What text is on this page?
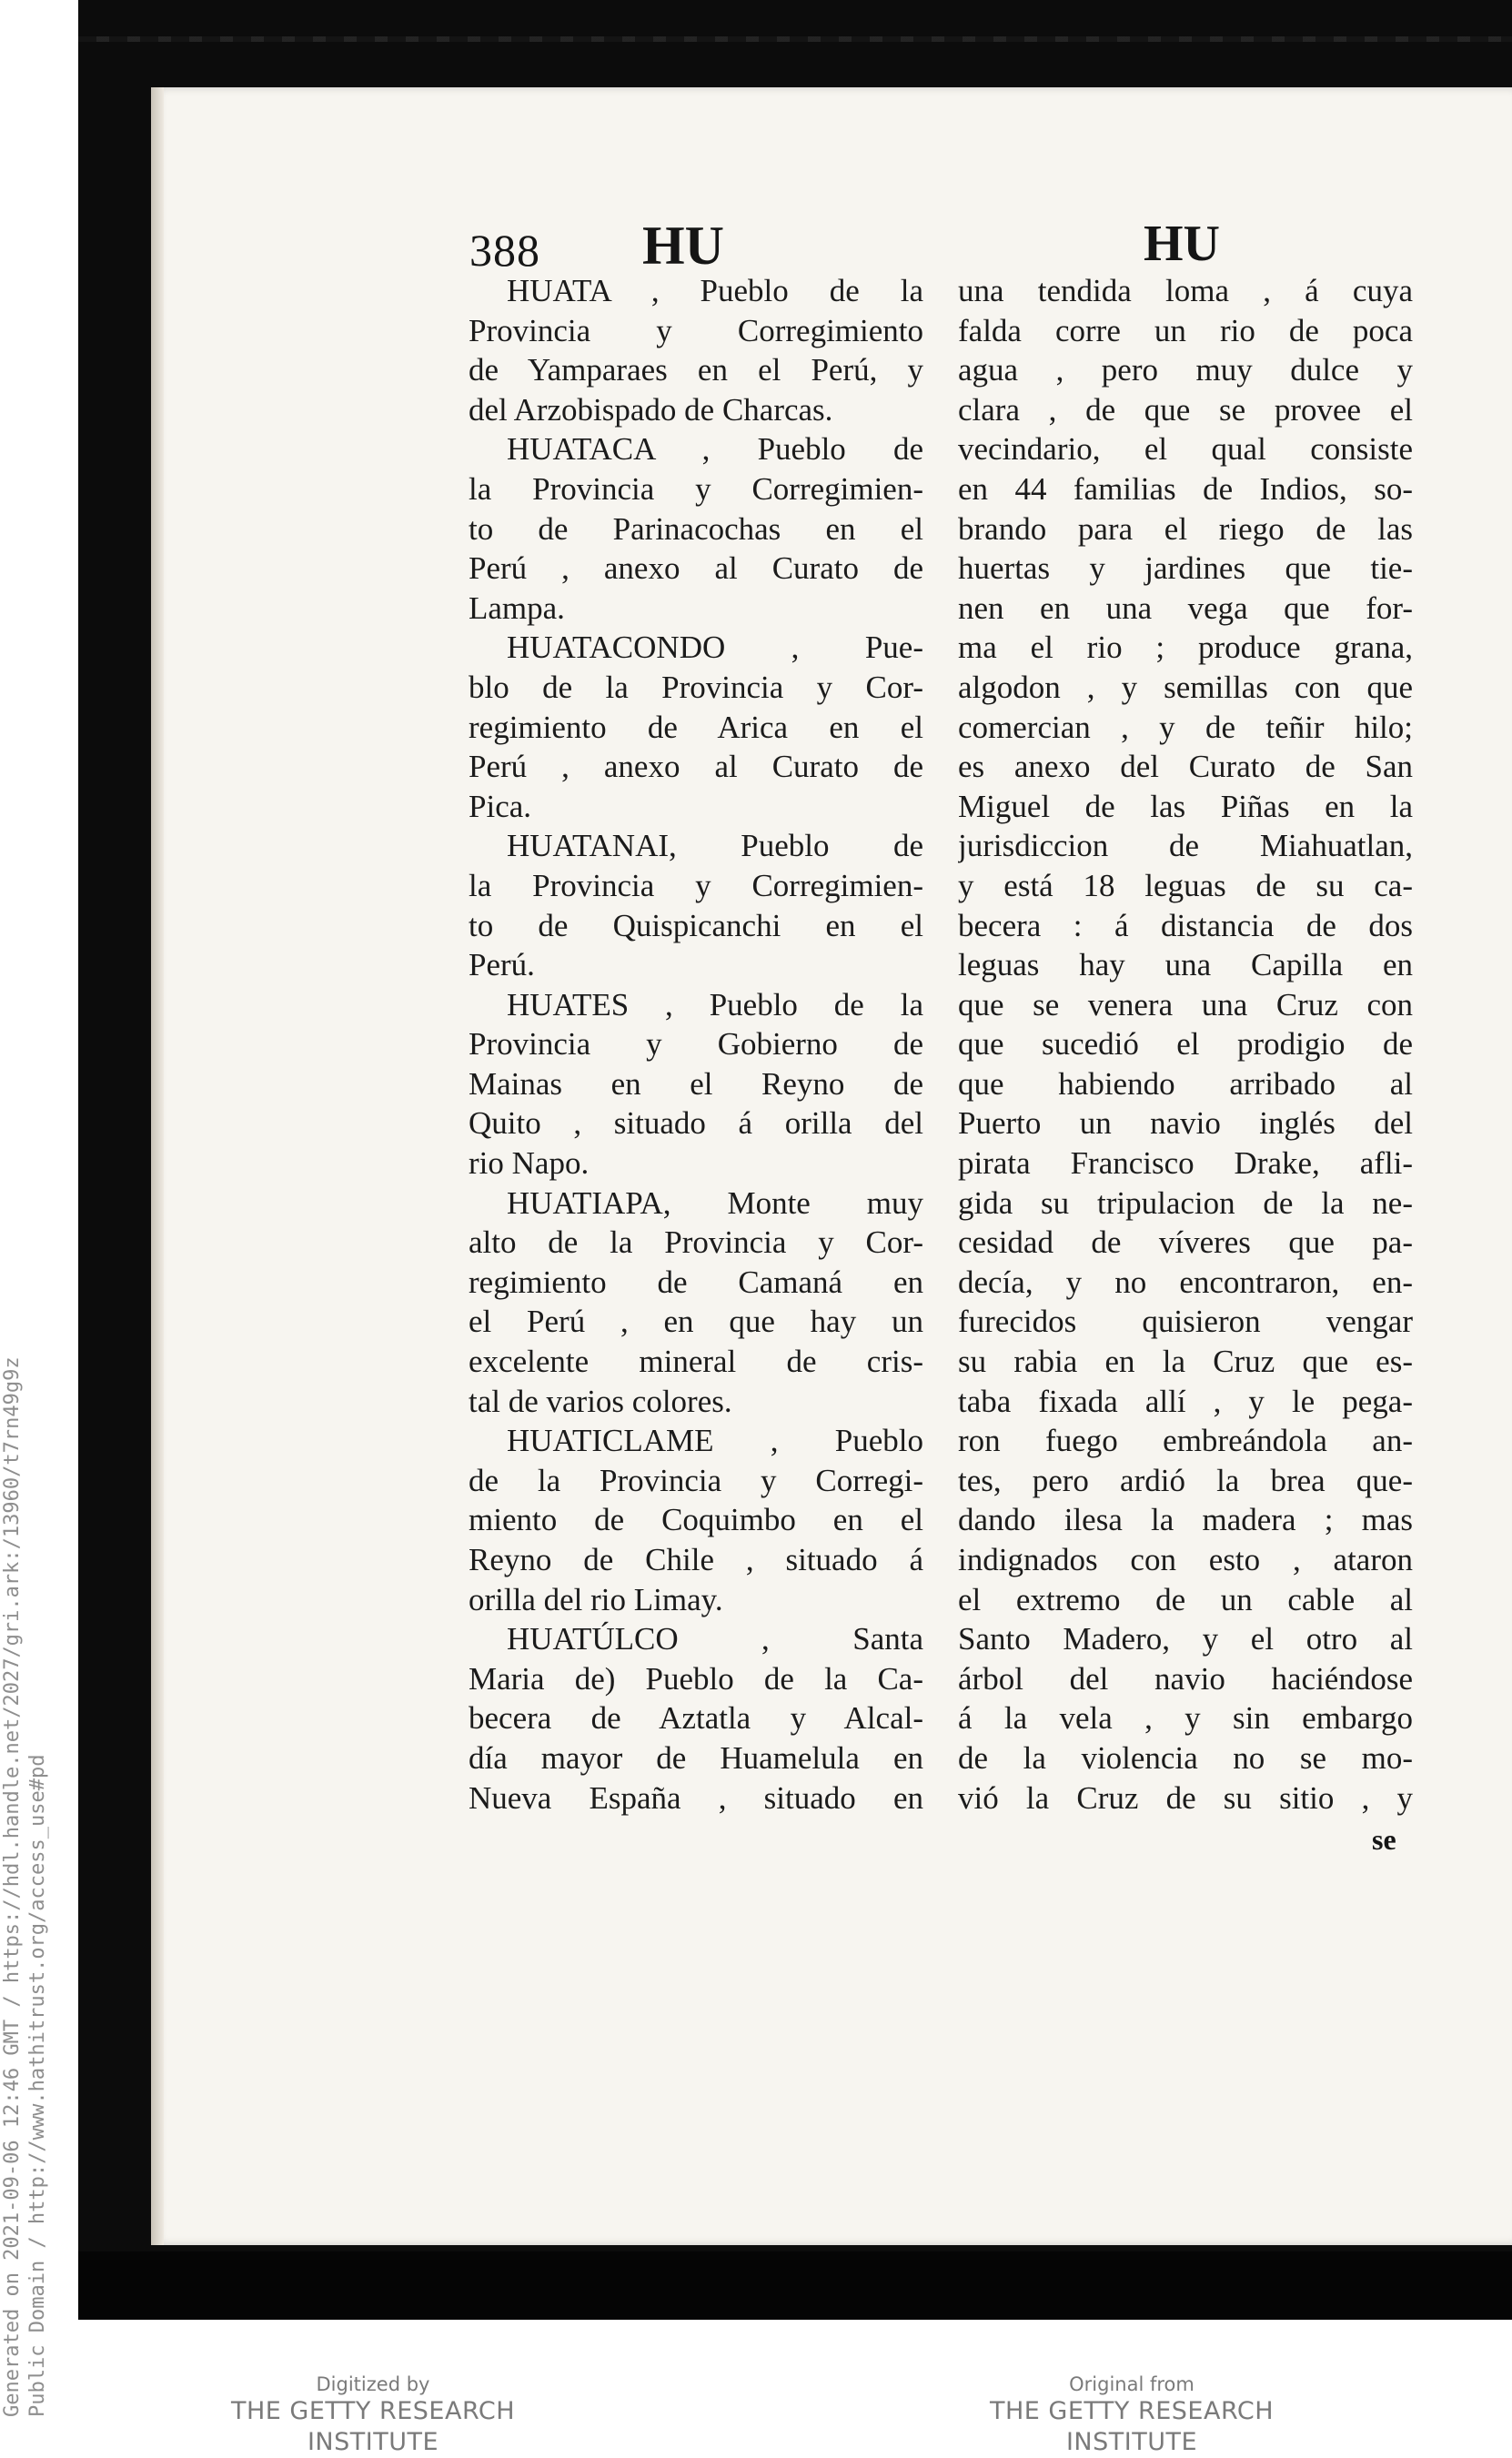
388 HU	HU
HUATA , Pueblo de la
Provincia y Corregimiento
de Yamparaes en el Perú, y
del Arzobispado de Charcas.
HUATACA , Pueblo de
la Provincia y Corregimien-
to de Parinacochas en el
Perú , anexo al Curato de
Lampa.
HUATACONDO , Pue-
blo de la Provincia y Cor-
regimiento de Arica en el
Perú , anexo al Curato de
Pica.
HUATANAI, Pueblo de
la Provincia y Corregimien-
to de Quispicanchi en el
Perú.
HUATES , Pueblo de la
Provincia y Gobierno de
Mainas en el Reyno de
Quito , situado á orilla del
rio Napo.
HUATIAPA, Monte muy
alto de la Provincia y Cor-
regimiento de Camaná en
el Perú , en que hay un
excelente mineral de cris-
tal de varios colores.
HUATICLAME , Pueblo
de la Provincia y Corregi-
miento de Coquimbo en el
Reyno de Chile , situado á
orilla del rio Limay.
HUATÚLCO , Santa
Maria de) Pueblo de la Ca-
becera de Aztatla y Alcal-
día mayor de Huamelula en
Nueva España , situado en
una tendida loma , á cuya
falda corre un rio de poca
agua , pero muy dulce y
clara , de que se provee el
vecindario, el qual consiste
en 44 familias de Indios, so-
brando para el riego de las
huertas y jardines que tie-
nen en una vega que for-
ma el rio ; produce grana,
algodon , y semillas con que
comercian , y de teñir hilo;
es anexo del Curato de San
Miguel de las Piñas en la
jurisdiccion de Miahuatlan,
y está 18 leguas de su ca-
becera : á distancia de dos
leguas hay una Capilla en
que se venera una Cruz con
que sucedió el prodigio de
que habiendo arribado al
Puerto un navio inglés del
pirata Francisco Drake, afli-
gida su tripulacion de la ne-
cesidad de víveres que pa-
decía, y no encontraron, en-
furecidos quisieron vengar
su rabia en la Cruz que es-
taba fixada allí , y le pega-
ron fuego embreándola an-
tes, pero ardió la brea que-
dando ilesa la madera ; mas
indignados con esto , ataron
el extremo de un cable al
Santo Madero, y el otro al
árbol del navio haciéndose
á la vela , y sin embargo
de la violencia no se mo-
vió la Cruz de su sitio , y
se
Generated on 2021-09-06 12:46 GMT / https://hdl.handle.net/2027/gri.ark:/13960/t7rn49g9z Public Domain / http://www.hathitrust.org/access_use#pd	Digitized by
THE GETTY RESEARCH INSTITUTE
Original from
THE GETTY RESEARCH INSTITUTE
